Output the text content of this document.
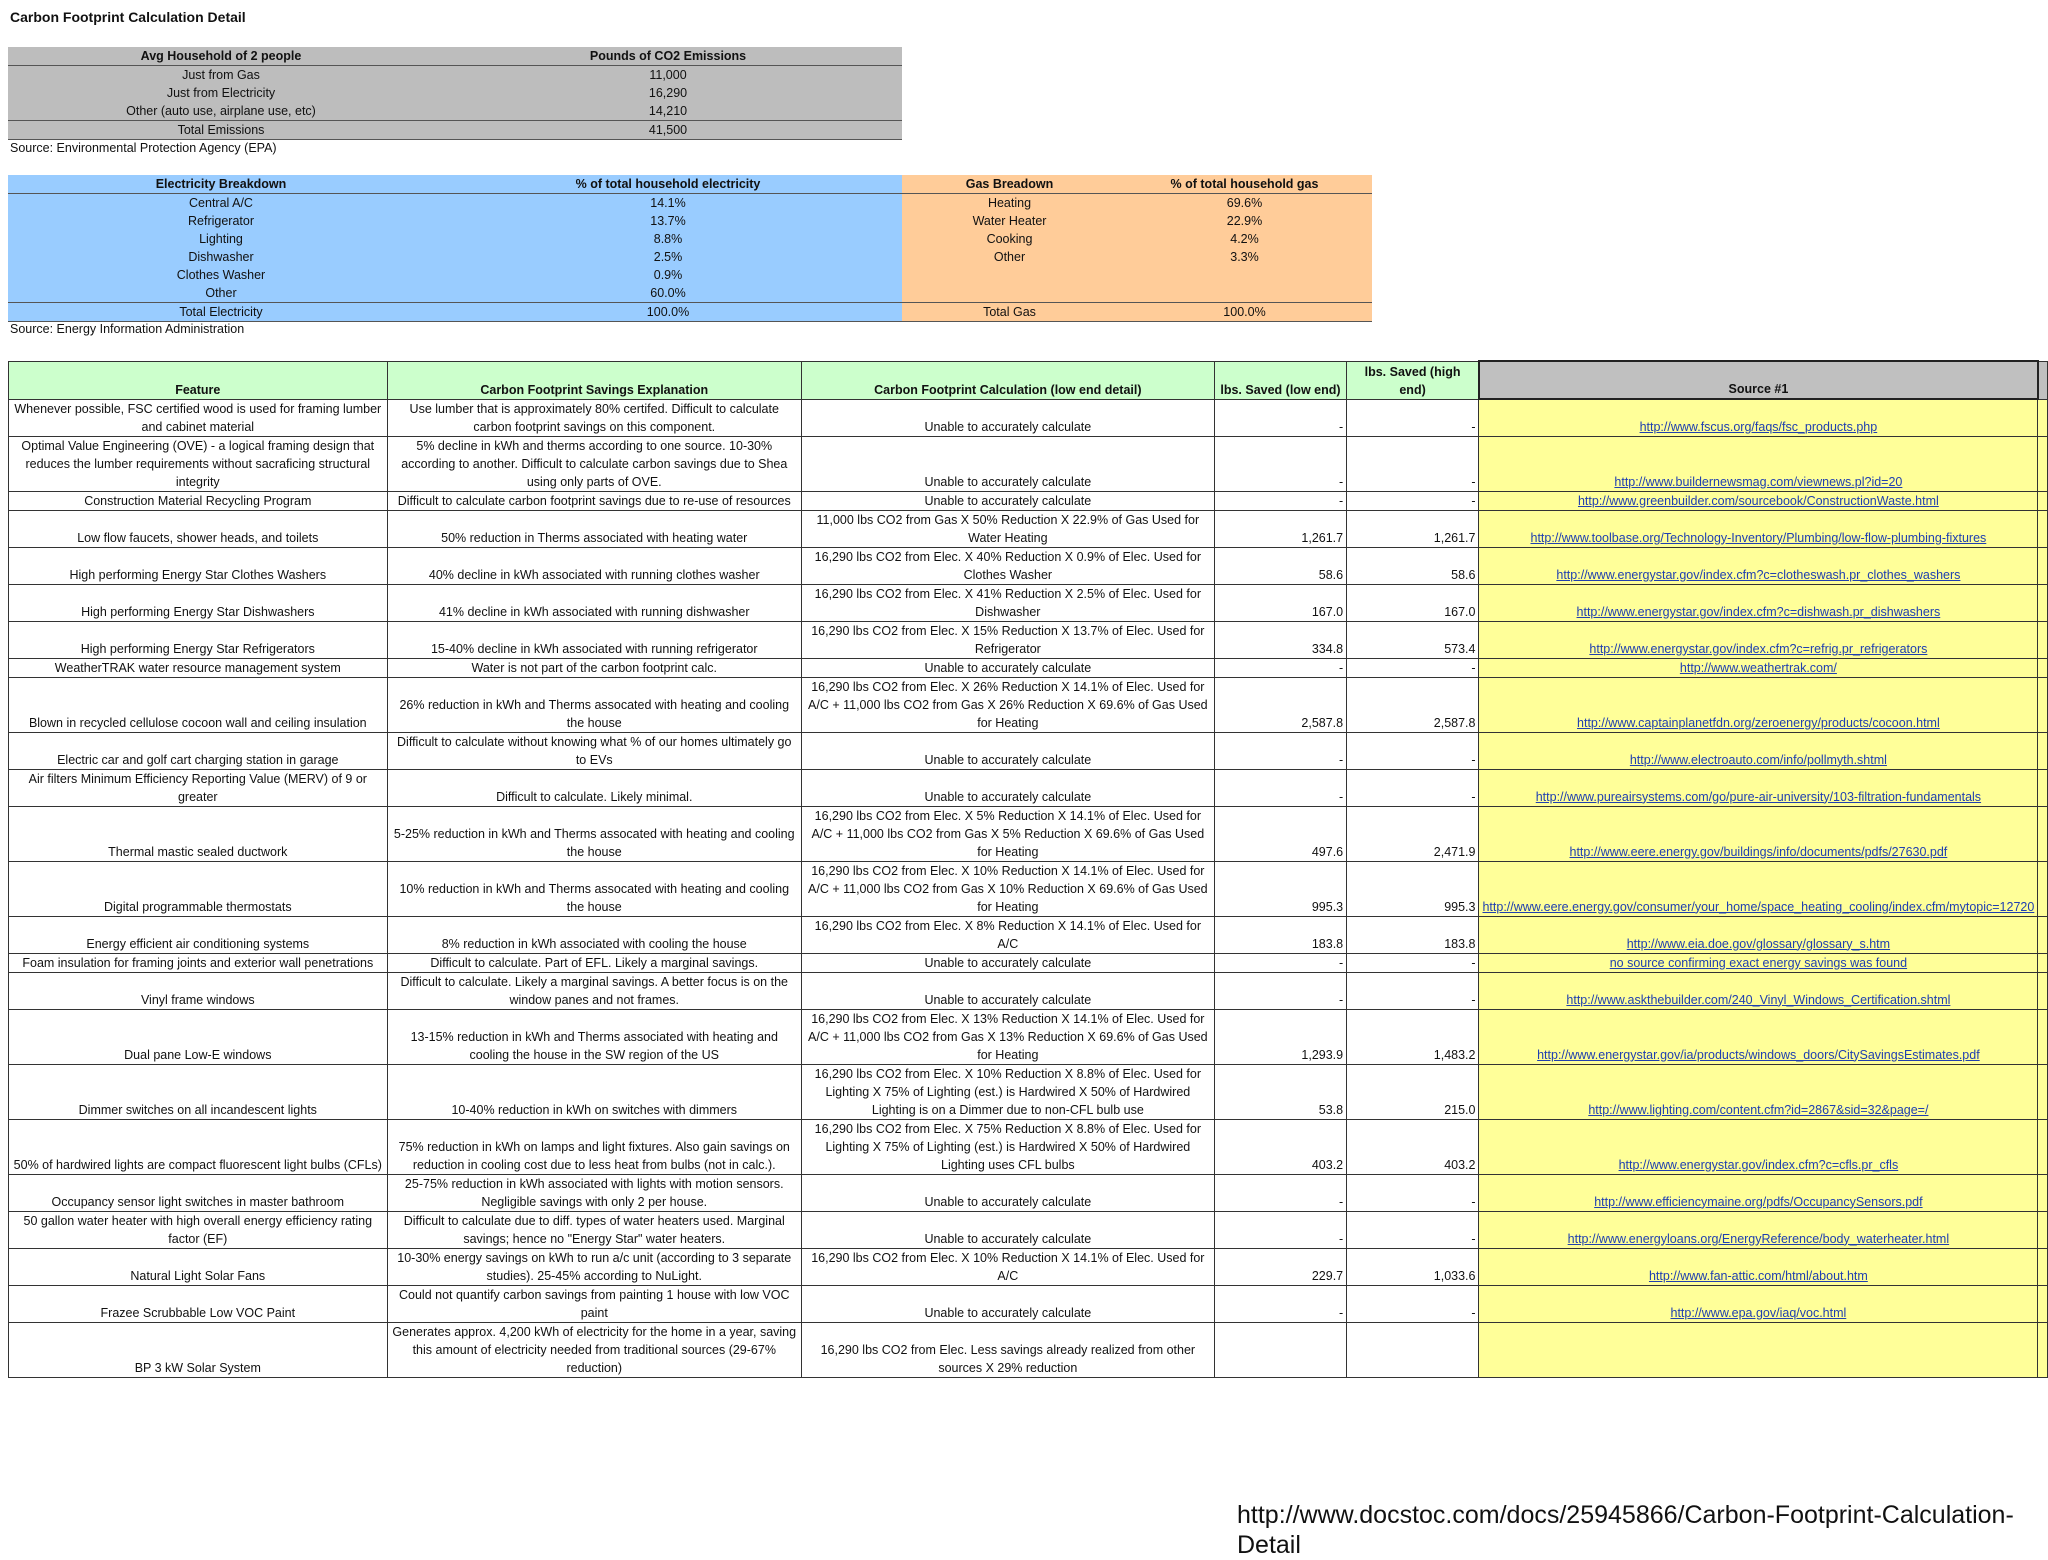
Carbon Footprint Calculation Detail
Avg Household of 2 people	Pounds of CO2 Emissions
Just from Gas	11,000
Just from Electricity	16,290
Other (auto use, airplane use, etc)	14,210
Total Emissions	41,500
Source: Environmental Protection Agency (EPA)
Electricity Breakdown	% of total household electricity	Gas Breadown	% of total household gas
Central A/C	14.1%	Heating	69.6%
Refrigerator	13.7%	Water Heater	22.9%
Lighting	8.8%	Cooking	4.2%
Dishwasher	2.5%	Other	3.3%
Clothes Washer	0.9%		
Other	60.0%		
Total Electricity	100.0%	Total Gas	100.0%
Source: Energy Information Administration
Feature	Carbon Footprint Savings Explanation	Carbon Footprint Calculation (low end detail)	lbs. Saved (low end)	lbs. Saved (high end)	Source #1	
Whenever possible, FSC certified wood is used for framing lumber and cabinet material	Use lumber that is approximately 80% certifed. Difficult to calculate carbon footprint savings on this component.	Unable to accurately calculate	-	-	http://www.fscus.org/faqs/fsc_products.php	
Optimal Value Engineering (OVE) - a logical framing design that reduces the lumber requirements without sacraficing structural integrity	5% decline in kWh and therms according to one source. 10-30% according to another. Difficult to calculate carbon savings due to Shea using only parts of OVE.	Unable to accurately calculate	-	-	http://www.buildernewsmag.com/viewnews.pl?id=20	
Construction Material Recycling Program	Difficult to calculate carbon footprint savings due to re-use of resources	Unable to accurately calculate	-	-	http://www.greenbuilder.com/sourcebook/ConstructionWaste.html	
Low flow faucets, shower heads, and toilets	50% reduction in Therms associated with heating water	11,000 lbs CO2 from Gas X 50% Reduction X 22.9% of Gas Used for Water Heating	1,261.7	1,261.7	http://www.toolbase.org/Technology-Inventory/Plumbing/low-flow-plumbing-fixtures	
High performing Energy Star Clothes Washers	40% decline in kWh associated with running clothes washer	16,290 lbs CO2 from Elec. X 40% Reduction X 0.9% of Elec. Used for Clothes Washer	58.6	58.6	http://www.energystar.gov/index.cfm?c=clotheswash.pr_clothes_washers	
High performing Energy Star Dishwashers	41% decline in kWh associated with running dishwasher	16,290 lbs CO2 from Elec. X 41% Reduction X 2.5% of Elec. Used for Dishwasher	167.0	167.0	http://www.energystar.gov/index.cfm?c=dishwash.pr_dishwashers	
High performing Energy Star Refrigerators	15-40% decline in kWh associated with running refrigerator	16,290 lbs CO2 from Elec. X 15% Reduction X 13.7% of Elec. Used for Refrigerator	334.8	573.4	http://www.energystar.gov/index.cfm?c=refrig.pr_refrigerators	
WeatherTRAK water resource management system	Water is not part of the carbon footprint calc.	Unable to accurately calculate	-	-	http://www.weathertrak.com/	
Blown in recycled cellulose cocoon wall and ceiling insulation	26% reduction in kWh and Therms assocated with heating and cooling the house	16,290 lbs CO2 from Elec. X 26% Reduction X 14.1% of Elec. Used for A/C + 11,000 lbs CO2 from Gas X 26% Reduction X 69.6% of Gas Used for Heating	2,587.8	2,587.8	http://www.captainplanetfdn.org/zeroenergy/products/cocoon.html	
Electric car and golf cart charging station in garage	Difficult to calculate without knowing what % of our homes ultimately go to EVs	Unable to accurately calculate	-	-	http://www.electroauto.com/info/pollmyth.shtml	
Air filters Minimum Efficiency Reporting Value (MERV) of 9 or greater	Difficult to calculate. Likely minimal.	Unable to accurately calculate	-	-	http://www.pureairsystems.com/go/pure-air-university/103-filtration-fundamentals	
Thermal mastic sealed ductwork	5-25% reduction in kWh and Therms assocated with heating and cooling the house	16,290 lbs CO2 from Elec. X 5% Reduction X 14.1% of Elec. Used for A/C + 11,000 lbs CO2 from Gas X 5% Reduction X 69.6% of Gas Used for Heating	497.6	2,471.9	http://www.eere.energy.gov/buildings/info/documents/pdfs/27630.pdf	
Digital programmable thermostats	10% reduction in kWh and Therms assocated with heating and cooling the house	16,290 lbs CO2 from Elec. X 10% Reduction X 14.1% of Elec. Used for A/C + 11,000 lbs CO2 from Gas X 10% Reduction X 69.6% of Gas Used for Heating	995.3	995.3	http://www.eere.energy.gov/consumer/your_home/space_heating_cooling/index.cfm/mytopic=12720	
Energy efficient air conditioning systems	8% reduction in kWh associated with cooling the house	16,290 lbs CO2 from Elec. X 8% Reduction X 14.1% of Elec. Used for A/C	183.8	183.8	http://www.eia.doe.gov/glossary/glossary_s.htm	
Foam insulation for framing joints and exterior wall penetrations	Difficult to calculate. Part of EFL. Likely a marginal savings.	Unable to accurately calculate	-	-	no source confirming exact energy savings was found	
Vinyl frame windows	Difficult to calculate. Likely a marginal savings. A better focus is on the window panes and not frames.	Unable to accurately calculate	-	-	http://www.askthebuilder.com/240_Vinyl_Windows_Certification.shtml	
Dual pane Low-E windows	13-15% reduction in kWh and Therms associated with heating and cooling the house in the SW region of the US	16,290 lbs CO2 from Elec. X 13% Reduction X 14.1% of Elec. Used for A/C + 11,000 lbs CO2 from Gas X 13% Reduction X 69.6% of Gas Used for Heating	1,293.9	1,483.2	http://www.energystar.gov/ia/products/windows_doors/CitySavingsEstimates.pdf	
Dimmer switches on all incandescent lights	10-40% reduction in kWh on switches with dimmers	16,290 lbs CO2 from Elec. X 10% Reduction X 8.8% of Elec. Used for Lighting X 75% of Lighting (est.) is Hardwired X 50% of Hardwired Lighting is on a Dimmer due to non-CFL bulb use	53.8	215.0	http://www.lighting.com/content.cfm?id=2867&sid=32&page=/	
50% of hardwired lights are compact fluorescent light bulbs (CFLs)	75% reduction in kWh on lamps and light fixtures. Also gain savings on reduction in cooling cost due to less heat from bulbs (not in calc.).	16,290 lbs CO2 from Elec. X 75% Reduction X 8.8% of Elec. Used for Lighting X 75% of Lighting (est.) is Hardwired X 50% of Hardwired Lighting uses CFL bulbs	403.2	403.2	http://www.energystar.gov/index.cfm?c=cfls.pr_cfls	
Occupancy sensor light switches in master bathroom	25-75% reduction in kWh associated with lights with motion sensors. Negligible savings with only 2 per house.	Unable to accurately calculate	-	-	http://www.efficiencymaine.org/pdfs/OccupancySensors.pdf	
50 gallon water heater with high overall energy efficiency rating factor (EF)	Difficult to calculate due to diff. types of water heaters used. Marginal savings; hence no "Energy Star" water heaters.	Unable to accurately calculate	-	-	http://www.energyloans.org/EnergyReference/body_waterheater.html	
Natural Light Solar Fans	10-30% energy savings on kWh to run a/c unit (according to 3 separate studies). 25-45% according to NuLight.	16,290 lbs CO2 from Elec. X 10% Reduction X 14.1% of Elec. Used for A/C	229.7	1,033.6	http://www.fan-attic.com/html/about.htm	
Frazee Scrubbable Low VOC Paint	Could not quantify carbon savings from painting 1 house with low VOC paint	Unable to accurately calculate	-	-	http://www.epa.gov/iaq/voc.html	
BP 3 kW Solar System	Generates approx. 4,200 kWh of electricity for the home in a year, saving this amount of electricity needed from traditional sources (29-67% reduction)	16,290 lbs CO2 from Elec. Less savings already realized from other sources X 29% reduction				
http://www.docstoc.com/docs/25945866/Carbon-Footprint-Calculation-Detail
